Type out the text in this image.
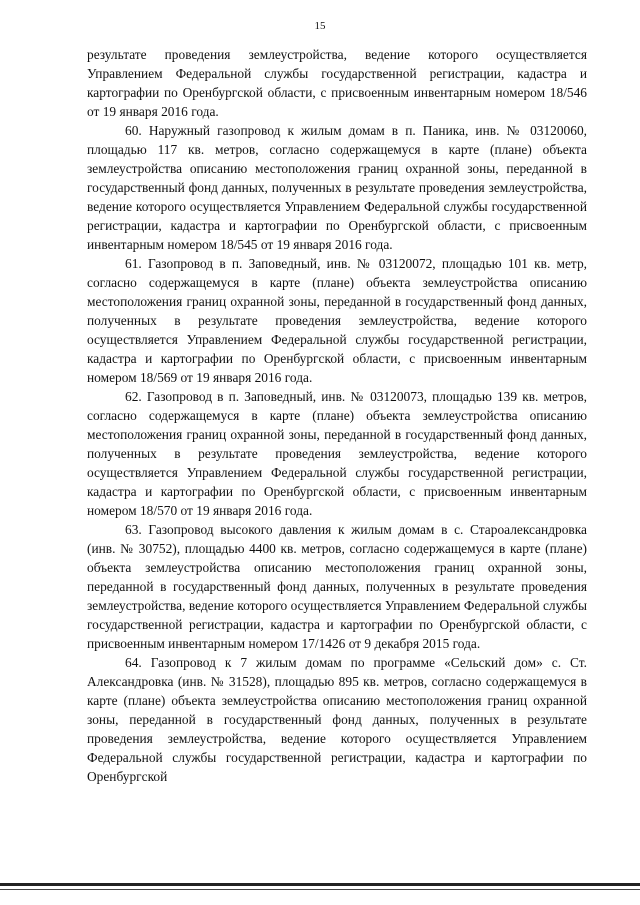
15

результате проведения землеустройства, ведение которого осуществляется Управлением Федеральной службы государственной регистрации, кадастра и картографии по Оренбургской области, с присвоенным инвентарным номером 18/546 от 19 января 2016 года.

60. Наружный газопровод к жилым домам в п. Паника, инв. № 03120060, площадью 117 кв. метров, согласно содержащемуся в карте (плане) объекта землеустройства описанию местоположения границ охранной зоны, переданной в государственный фонд данных, полученных в результате проведения землеустройства, ведение которого осуществляется Управлением Федеральной службы государственной регистрации, кадастра и картографии по Оренбургской области, с присвоенным инвентарным номером 18/545 от 19 января 2016 года.

61. Газопровод в п. Заповедный, инв. № 03120072, площадью 101 кв. метр, согласно содержащемуся в карте (плане) объекта землеустройства описанию местоположения границ охранной зоны, переданной в государственный фонд данных, полученных в результате проведения землеустройства, ведение которого осуществляется Управлением Федеральной службы государственной регистрации, кадастра и картографии по Оренбургской области, с присвоенным инвентарным номером 18/569 от 19 января 2016 года.

62. Газопровод в п. Заповедный, инв. № 03120073, площадью 139 кв. метров, согласно содержащемуся в карте (плане) объекта землеустройства описанию местоположения границ охранной зоны, переданной в государственный фонд данных, полученных в результате проведения землеустройства, ведение которого осуществляется Управлением Федеральной службы государственной регистрации, кадастра и картографии по Оренбургской области, с присвоенным инвентарным номером 18/570 от 19 января 2016 года.

63. Газопровод высокого давления к жилым домам в с. Староалександровка (инв. № 30752), площадью 4400 кв. метров, согласно содержащемуся в карте (плане) объекта землеустройства описанию местоположения границ охранной зоны, переданной в государственный фонд данных, полученных в результате проведения землеустройства, ведение которого осуществляется Управлением Федеральной службы государственной регистрации, кадастра и картографии по Оренбургской области, с присвоенным инвентарным номером 17/1426 от 9 декабря 2015 года.

64. Газопровод к 7 жилым домам по программе «Сельский дом» с. Ст. Александровка (инв. № 31528), площадью 895 кв. метров, согласно содержащемуся в карте (плане) объекта землеустройства описанию местоположения границ охранной зоны, переданной в государственный фонд данных, полученных в результате проведения землеустройства, ведение которого осуществляется Управлением Федеральной службы государственной регистрации, кадастра и картографии по Оренбургской
